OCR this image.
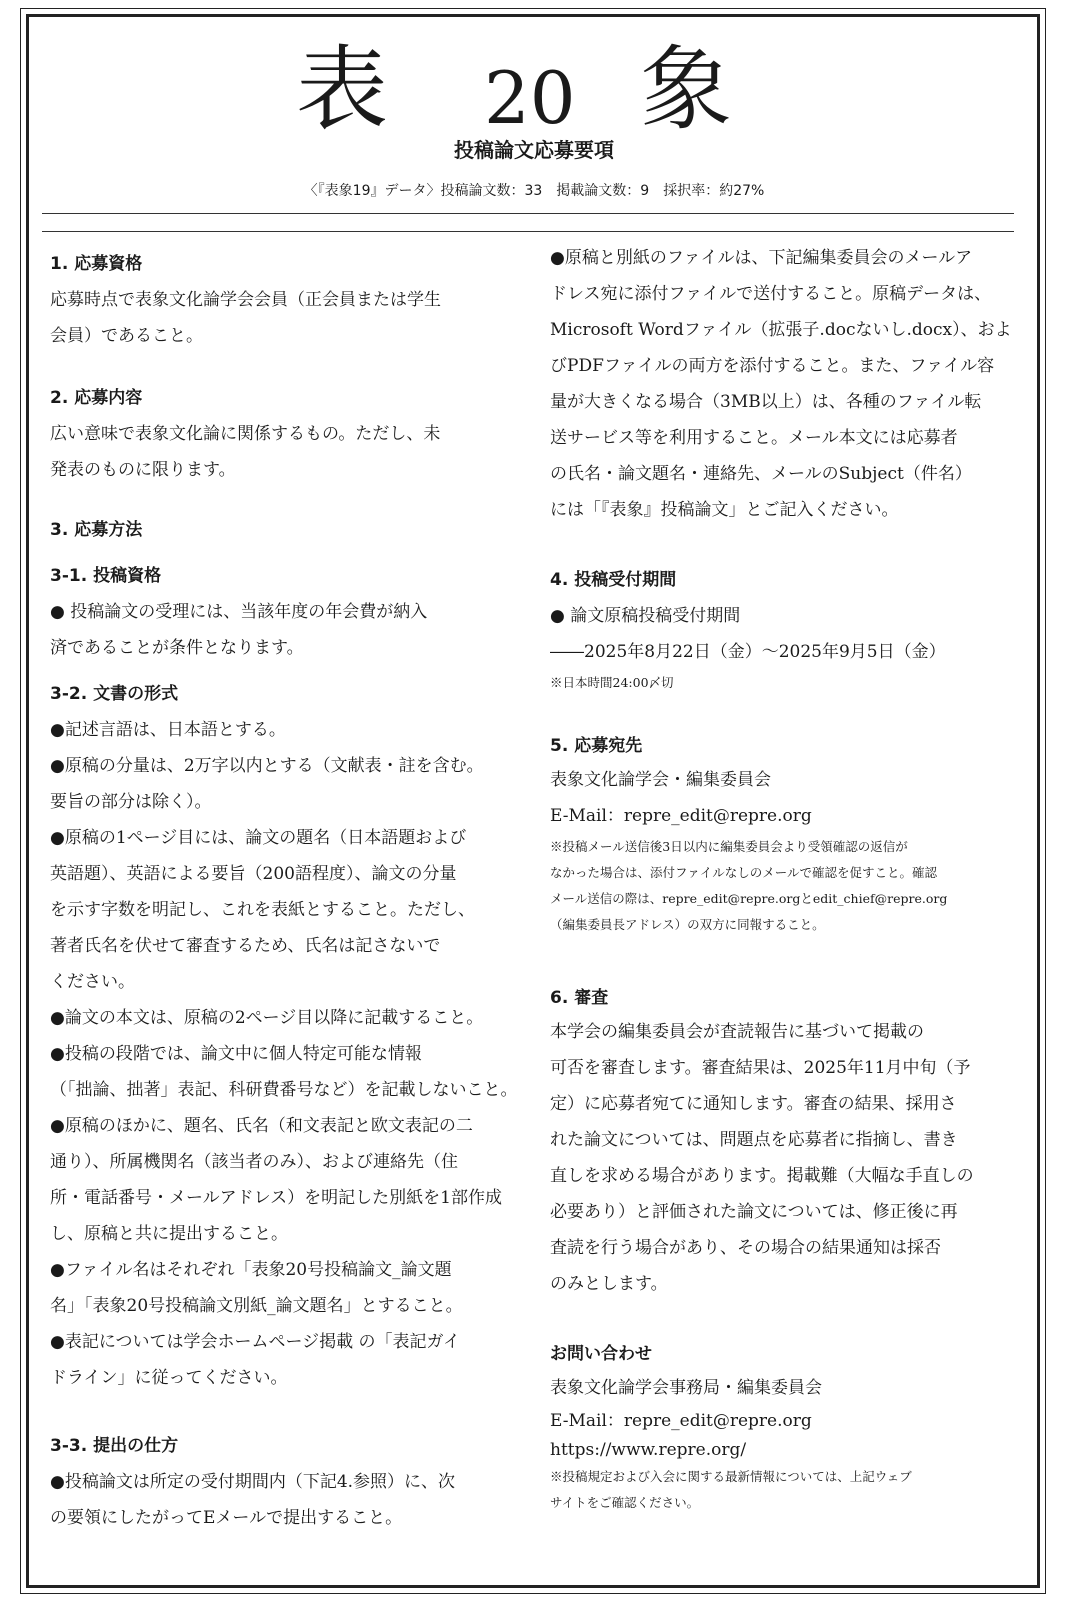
表 20 象
投稿論文応募要項
〈『表象19』データ〉投稿論文数：33　掲載論文数：9　採択率：約27%

1. 応募資格

応募時点で表象文化論学会会員（正会員または学生

会員）であること。

2. 応募内容

広い意味で表象文化論に関係するもの。ただし、未

発表のものに限ります。

3. 応募方法

3-1. 投稿資格

● 投稿論文の受理には、当該年度の年会費が納入

済であることが条件となります。

3-2. 文書の形式

●記述言語は、日本語とする。

●原稿の分量は、2万字以内とする（文献表・註を含む。

要旨の部分は除く）。

●原稿の1ページ目には、論文の題名（日本語題および

英語題）、英語による要旨（200語程度）、論文の分量

を示す字数を明記し、これを表紙とすること。ただし、

著者氏名を伏せて審査するため、氏名は記さないで

ください。

●論文の本文は、原稿の2ページ目以降に記載すること。

●投稿の段階では、論文中に個人特定可能な情報

（「拙論、拙著」表記、科研費番号など）を記載しないこと。

●原稿のほかに、題名、氏名（和文表記と欧文表記の二

通り）、所属機関名（該当者のみ）、および連絡先（住

所・電話番号・メールアドレス）を明記した別紙を1部作成

し、原稿と共に提出すること。

●ファイル名はそれぞれ「表象20号投稿論文_論文題

名」「表象20号投稿論文別紙_論文題名」とすること。

●表記については学会ホームページ掲載 の「表記ガイ

ドライン」に従ってください。

3-3. 提出の仕方

●投稿論文は所定の受付期間内（下記4.参照）に、次

の要領にしたがってEメールで提出すること。

●原稿と別紙のファイルは、下記編集委員会のメールア

ドレス宛に添付ファイルで送付すること。原稿データは、

Microsoft Wordファイル（拡張子.docないし.docx）、およ

びPDFファイルの両方を添付すること。また、ファイル容

量が大きくなる場合（3MB以上）は、各種のファイル転

送サービス等を利用すること。メール本文には応募者

の氏名・論文題名・連絡先、メールのSubject（件名）

には「『表象』投稿論文」とご記入ください。

4. 投稿受付期間

● 論文原稿投稿受付期間

――2025年8月22日（金）～2025年9月5日（金）

※日本時間24:00〆切

5. 応募宛先

表象文化論学会・編集委員会

E-Mail：repre_edit@repre.org

※投稿メール送信後3日以内に編集委員会より受領確認の返信が

なかった場合は、添付ファイルなしのメールで確認を促すこと。確認

メール送信の際は、repre_edit@repre.orgとedit_chief@repre.org

（編集委員長アドレス）の双方に同報すること。

6. 審査

本学会の編集委員会が査読報告に基づいて掲載の

可否を審査します。審査結果は、2025年11月中旬（予

定）に応募者宛てに通知します。審査の結果、採用さ

れた論文については、問題点を応募者に指摘し、書き

直しを求める場合があります。掲載難（大幅な手直しの

必要あり）と評価された論文については、修正後に再

査読を行う場合があり、その場合の結果通知は採否

のみとします。

お問い合わせ

表象文化論学会事務局・編集委員会

E-Mail：repre_edit@repre.org

https://www.repre.org/

※投稿規定および入会に関する最新情報については、上記ウェブ

サイトをご確認ください。
